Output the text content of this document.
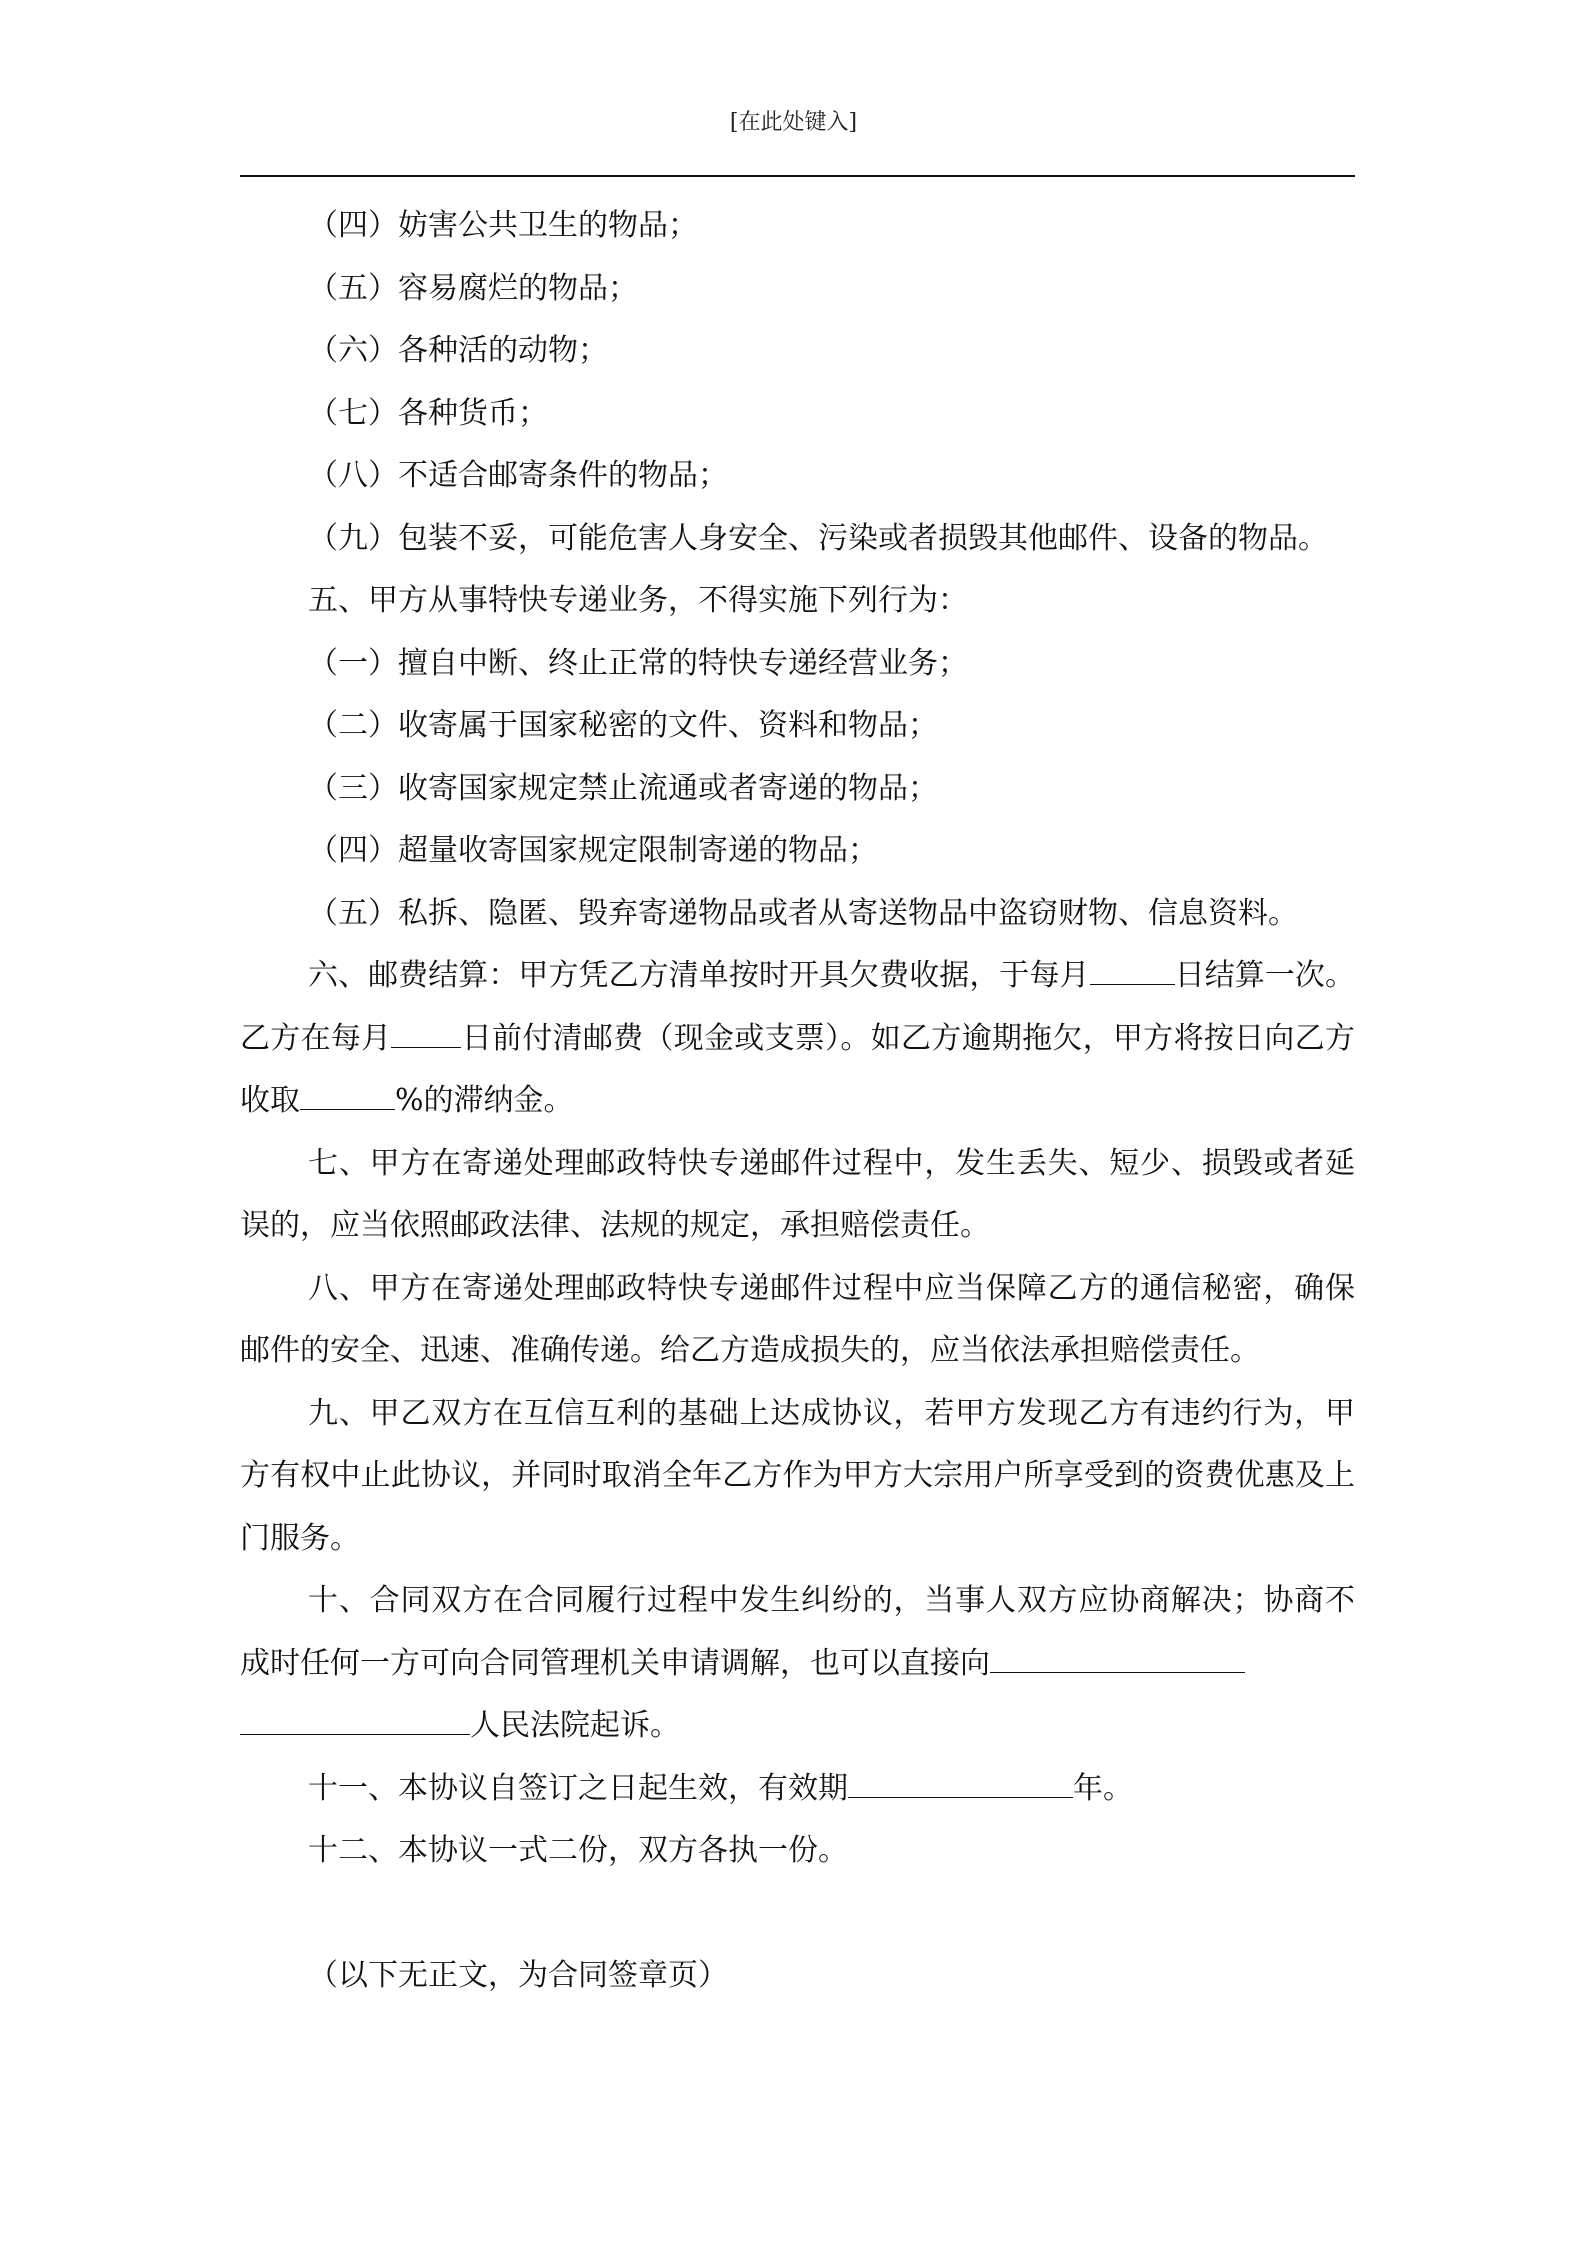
[在此处键入]

（四）妨害公共卫生的物品；

（五）容易腐烂的物品；

（六）各种活的动物；

（七）各种货币；

（八）不适合邮寄条件的物品；

（九）包装不妥，可能危害人身安全、污染或者损毁其他邮件、设备的物品。

五、甲方从事特快专递业务，不得实施下列行为：

（一）擅自中断、终止正常的特快专递经营业务；

（二）收寄属于国家秘密的文件、资料和物品；

（三）收寄国家规定禁止流通或者寄递的物品；

（四）超量收寄国家规定限制寄递的物品；

（五）私拆、隐匿、毁弃寄递物品或者从寄送物品中盗窃财物、信息资料。

六、邮费结算：甲方凭乙方清单按时开具欠费收据，于每月	日结算一次。乙方在每月 日前付清邮费（现金或支票）。如乙方逾期拖欠，甲方将按日向乙方收取	%的滞纳金。

七、甲方在寄递处理邮政特快专递邮件过程中，发生丢失、短少、损毁或者延误的，应当依照邮政法律、法规的规定，承担赔偿责任。

八、甲方在寄递处理邮政特快专递邮件过程中应当保障乙方的通信秘密，确保邮件的安全、迅速、准确传递。给乙方造成损失的，应当依法承担赔偿责任。

九、甲乙双方在互信互利的基础上达成协议，若甲方发现乙方有违约行为，甲方有权中止此协议，并同时取消全年乙方作为甲方大宗用户所享受到的资费优惠及上门服务。

十、合同双方在合同履行过程中发生纠纷的，当事人双方应协商解决；协商不成时任何一方可向合同管理机关申请调解，也可以直接向
人民法院起诉。

十一、本协议自签订之日起生效，有效期	年。

十二、本协议一式二份，双方各执一份。

（以下无正文，为合同签章页）
